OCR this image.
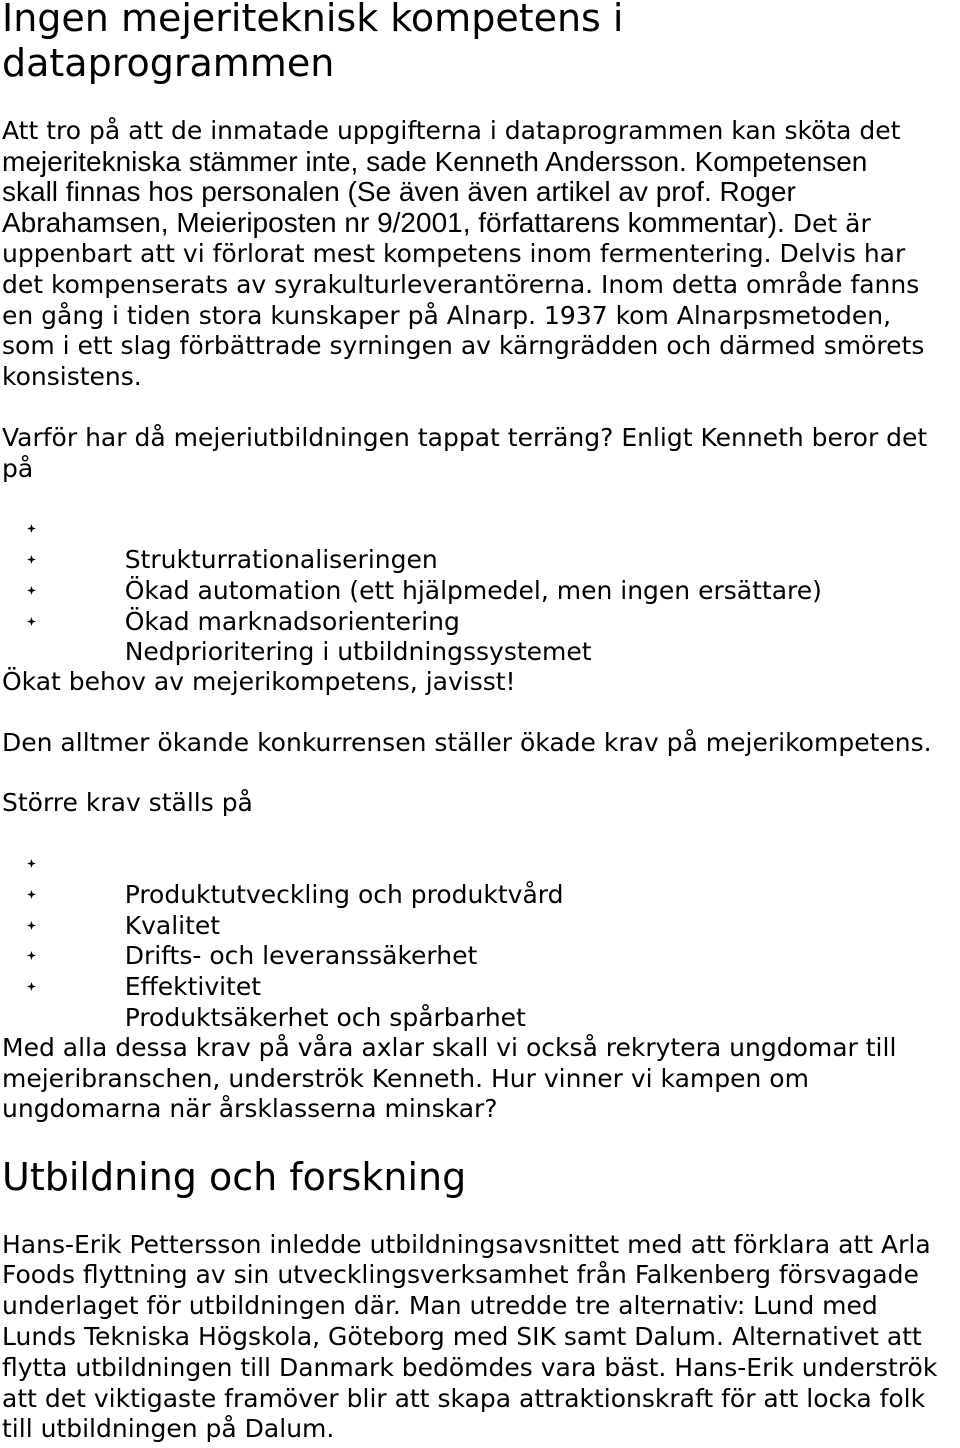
Ingen mejeriteknisk kompetens i
dataprogrammen
Att tro på att de inmatade uppgifterna i dataprogrammen kan sköta det
mejeritekniska stämmer inte, sade Kenneth Andersson. Kompetensen
skall finnas hos personalen (Se även även artikel av prof. Roger
Abrahamsen, Meieriposten nr 9/2001, författarens kommentar). Det är
uppenbart att vi förlorat mest kompetens inom fermentering. Delvis har
det kompenserats av syrakulturleverantörerna. Inom detta område fanns
en gång i tiden stora kunskaper på Alnarp. 1937 kom Alnarpsmetoden,
som i ett slag förbättrade syrningen av kärngrädden och därmed smörets
konsistens.
Varför har då mejeriutbildningen tappat terräng? Enligt Kenneth beror det
på

Strukturrationaliseringen

Ökad automation (ett hjälpmedel, men ingen ersättare)

Ökad marknadsorientering

Nedprioritering i utbildningssystemet

Ökat behov av mejerikompetens, javisst!
Den alltmer ökande konkurrensen ställer ökade krav på mejerikompetens.
Större krav ställs på

Produktutveckling och produktvård

Kvalitet

Drifts- och leveranssäkerhet

Effektivitet

Produktsäkerhet och spårbarhet

Med alla dessa krav på våra axlar skall vi också rekrytera ungdomar till
mejeribranschen, underströk Kenneth. Hur vinner vi kampen om
ungdomarna när årsklasserna minskar?
Utbildning och forskning
Hans-Erik Pettersson inledde utbildningsavsnittet med att förklara att Arla
Foods flyttning av sin utvecklingsverksamhet från Falkenberg försvagade
underlaget för utbildningen där. Man utredde tre alternativ: Lund med
Lunds Tekniska Högskola, Göteborg med SIK samt Dalum. Alternativet att
flytta utbildningen till Danmark bedömdes vara bäst. Hans-Erik underströk
att det viktigaste framöver blir att skapa attraktionskraft för att locka folk
till utbildningen på Dalum.
